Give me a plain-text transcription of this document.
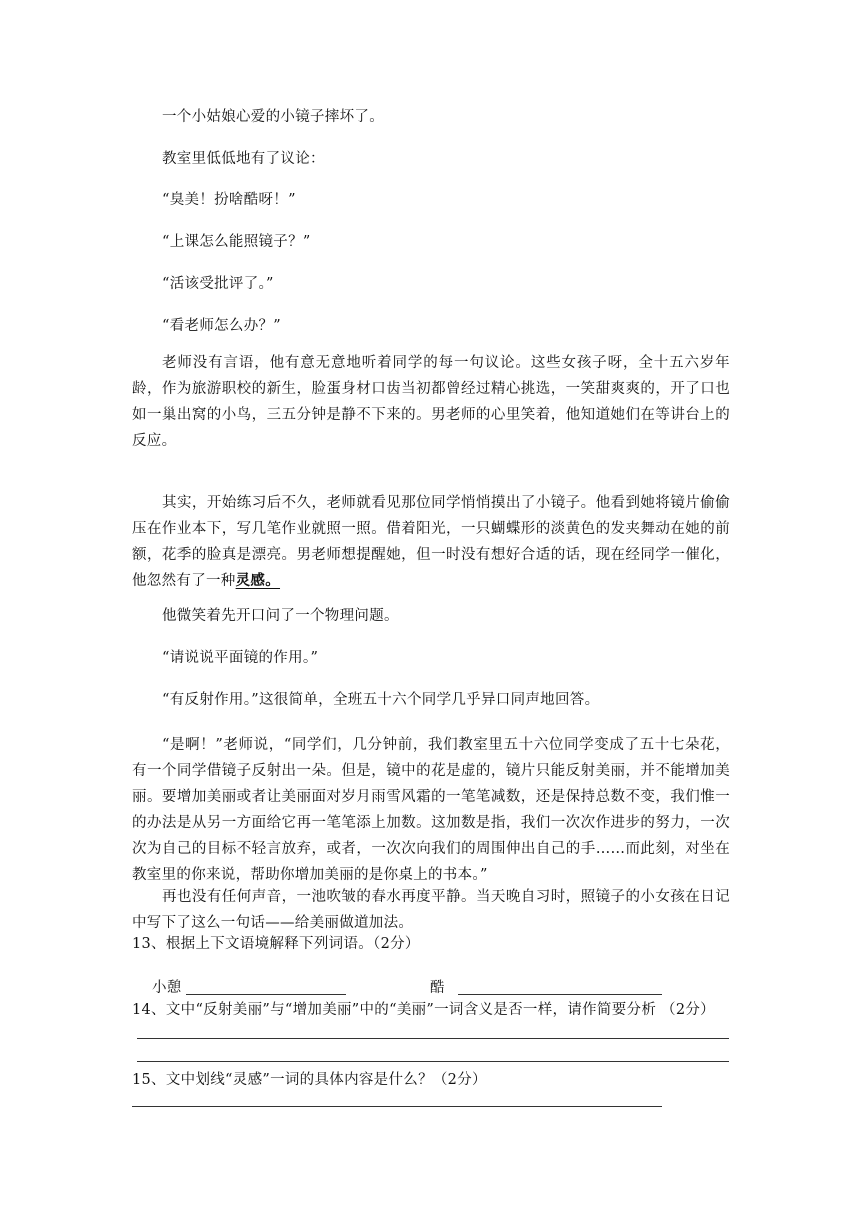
一个小姑娘心爱的小镜子摔坏了。
教室里低低地有了议论：
“臭美！扮啥酷呀！”
“上课怎么能照镜子？”
“活该受批评了。”
“看老师怎么办？”
老师没有言语，他有意无意地听着同学的每一句议论。这些女孩子呀，全十五六岁年龄，作为旅游职校的新生，脸蛋身材口齿当初都曾经过精心挑选，一笑甜爽爽的，开了口也如一巢出窝的小鸟，三五分钟是静不下来的。男老师的心里笑着，他知道她们在等讲台上的反应。
其实，开始练习后不久，老师就看见那位同学悄悄摸出了小镜子。他看到她将镜片偷偷压在作业本下，写几笔作业就照一照。借着阳光，一只蝴蝶形的淡黄色的发夹舞动在她的前额，花季的脸真是漂亮。男老师想提醒她，但一时没有想好合适的话，现在经同学一催化，他忽然有了一种灵感。
他微笑着先开口问了一个物理问题。
“请说说平面镜的作用。”
“有反射作用。”这很简单，全班五十六个同学几乎异口同声地回答。
“是啊！”老师说，“同学们，几分钟前，我们教室里五十六位同学变成了五十七朵花，有一个同学借镜子反射出一朵。但是，镜中的花是虚的，镜片只能反射美丽，并不能增加美丽。要增加美丽或者让美丽面对岁月雨雪风霜的一笔笔减数，还是保持总数不变，我们惟一的办法是从另一方面给它再一笔笔添上加数。这加数是指，我们一次次作进步的努力，一次次为自己的目标不轻言放弃，或者，一次次向我们的周围伸出自己的手……而此刻，对坐在教室里的你来说，帮助你增加美丽的是你桌上的书本。”
再也没有任何声音，一池吹皱的春水再度平静。当天晚自习时，照镜子的小女孩在日记中写下了这么一句话——给美丽做道加法。
13、根据上下文语境解释下列词语。（2分）
小憩	酷
14、文中“反射美丽”与“增加美丽”中的“美丽”一词含义是否一样，请作简要分析 （2分）
15、文中划线“灵感”一词的具体内容是什么？（2分）
